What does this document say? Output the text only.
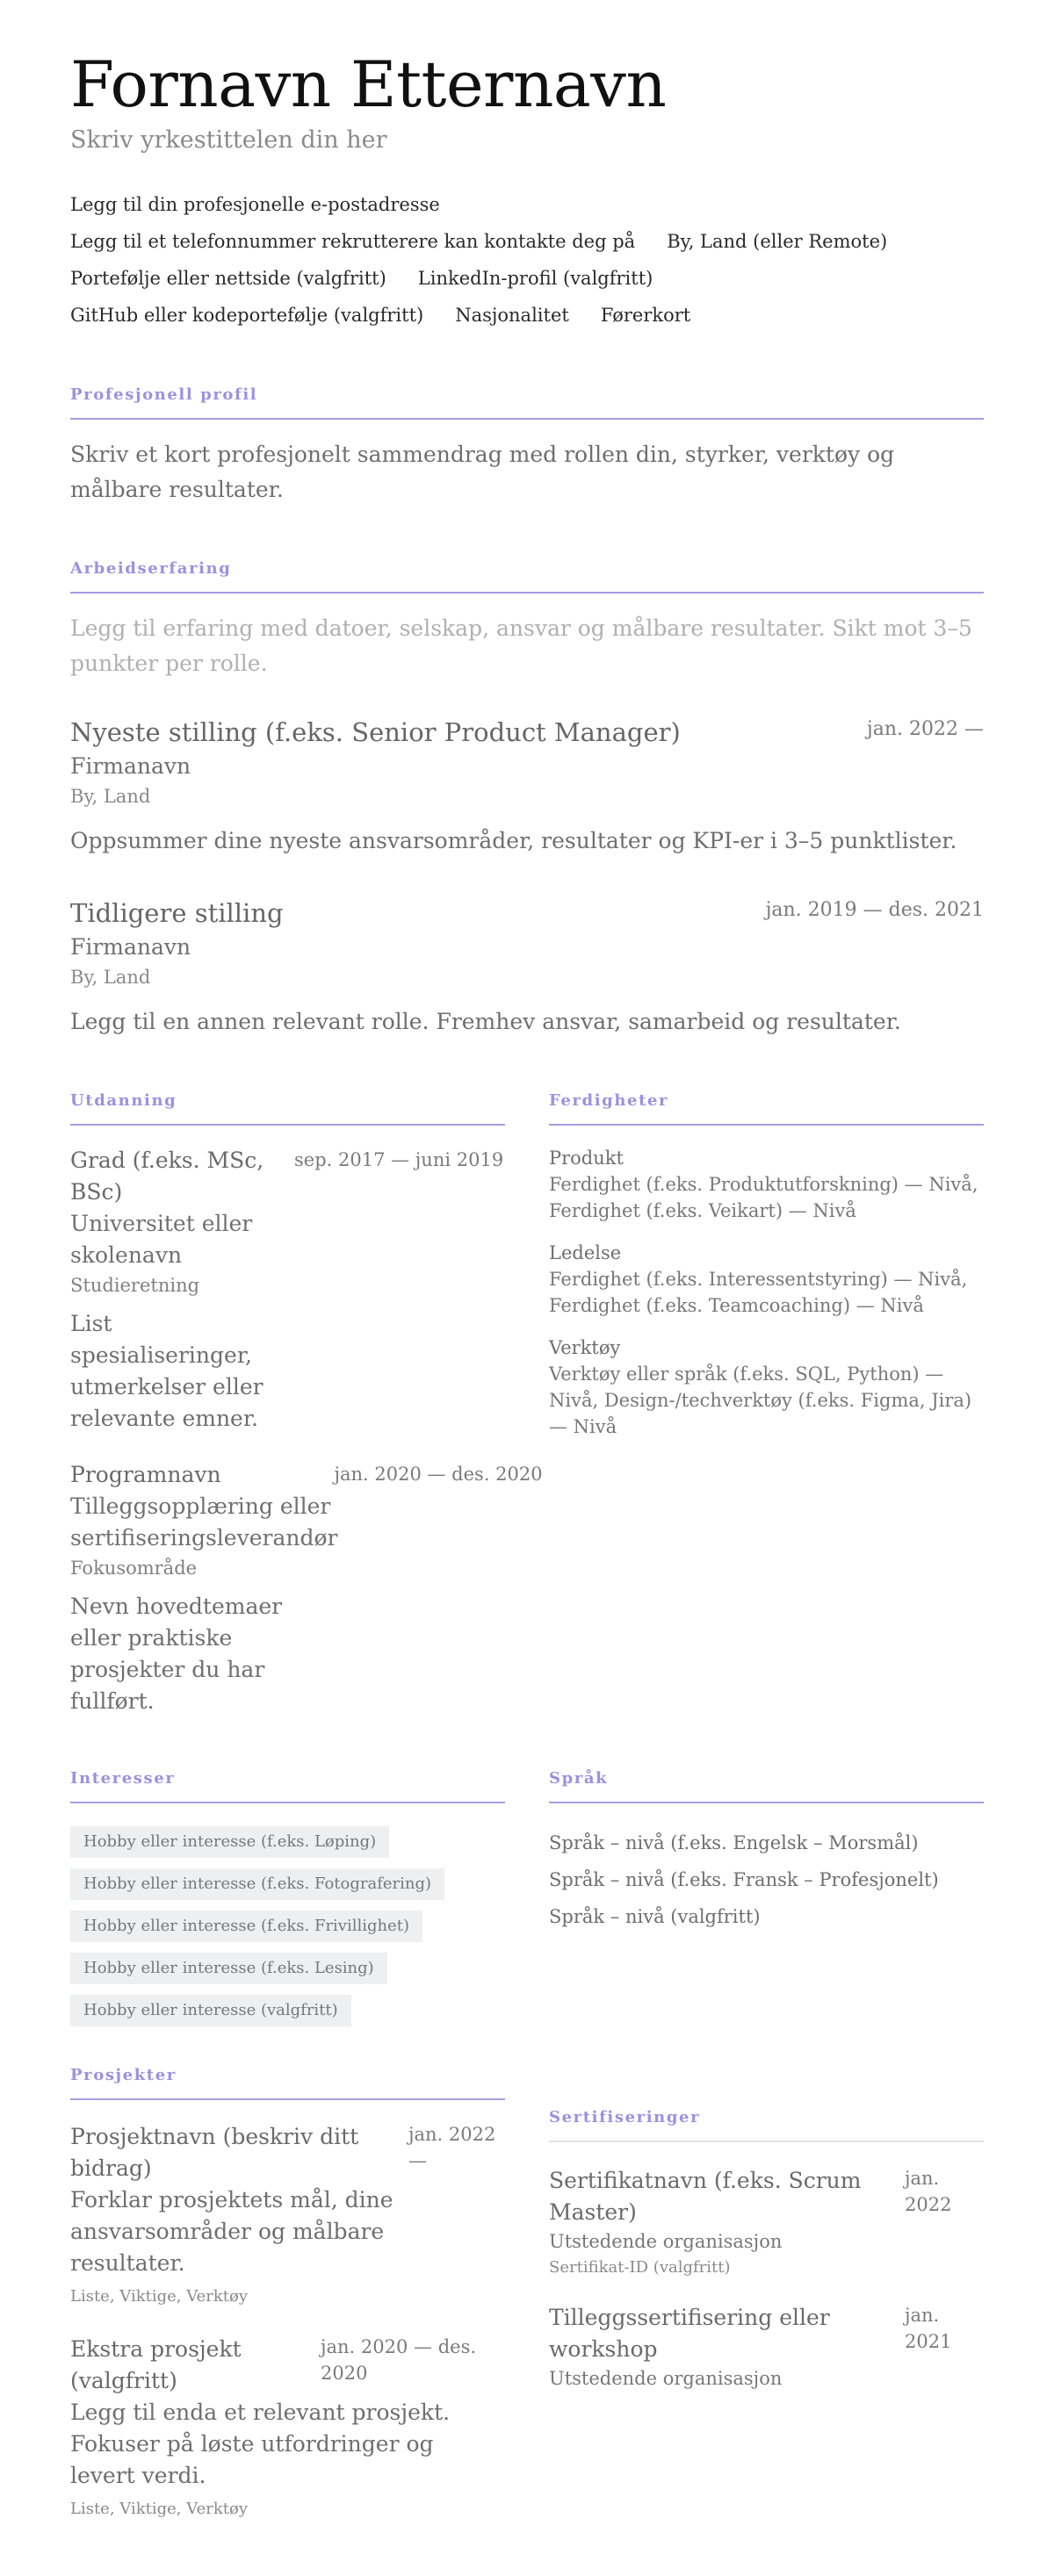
Fornavn Etternavn
Skriv yrkestittelen din her
Legg til din profesjonelle e-postadresse
Legg til et telefonnummer rekrutterere kan kontakte deg på By, Land (eller Remote)
Portefølje eller nettside (valgfritt) LinkedIn-profil (valgfritt)
GitHub eller kodeportefølje (valgfritt) Nasjonalitet Førerkort
Profesjonell profil

Skriv et kort profesjonelt sammendrag med rollen din, styrker, verktøy og målbare resultater.

Arbeidserfaring

Legg til erfaring med datoer, selskap, ansvar og målbare resultater. Sikt mot 3–5 punkter per rolle.

Nyeste stilling (f.eks. Senior Product Manager)	jan. 2022 —
Firmanavn
By, Land

Oppsummer dine nyeste ansvarsområder, resultater og KPI-er i 3–5 punktlister.

Tidligere stilling	jan. 2019 — des. 2021
Firmanavn
By, Land

Legg til en annen relevant rolle. Fremhev ansvar, samarbeid og resultater.

Utdanning
Grad (f.eks. MSc, BSc)
Universitet eller skolenavn
Studieretning

List spesialiseringer, utmerkelser eller relevante emner.

sep. 2017 — juni 2019
Programnavn
Tilleggsopplæring eller sertifiseringsleverandør
Fokusområde

Nevn hovedtemaer eller praktiske prosjekter du har fullført.

jan. 2020 — des. 2020
Ferdigheter
Produkt
Ferdighet (f.eks. Produktutforskning) — Nivå, Ferdighet (f.eks. Veikart) — Nivå
Ledelse
Ferdighet (f.eks. Interessentstyring) — Nivå, Ferdighet (f.eks. Teamcoaching) — Nivå
Verktøy
Verktøy eller språk (f.eks. SQL, Python) — Nivå, Design-/techverktøy (f.eks. Figma, Jira) — Nivå
Interesser
Hobby eller interesse (f.eks. Løping)
Hobby eller interesse (f.eks. Fotografering)
Hobby eller interesse (f.eks. Frivillighet)
Hobby eller interesse (f.eks. Lesing)
Hobby eller interesse (valgfritt)
Språk
Språk – nivå (f.eks. Engelsk – Morsmål)
Språk – nivå (f.eks. Fransk – Profesjonelt)
Språk – nivå (valgfritt)
Prosjekter
Prosjektnavn (beskriv ditt bidrag)
jan. 2022 —

Forklar prosjektets mål, dine ansvarsområder og målbare resultater.

Liste, Viktige, Verktøy
Ekstra prosjekt (valgfritt)
jan. 2020 — des. 2020

Legg til enda et relevant prosjekt. Fokuser på løste utfordringer og levert verdi.

Liste, Viktige, Verktøy
Sertifiseringer
Sertifikatnavn (f.eks. Scrum Master)
Utstedende organisasjon
Sertifikat-ID (valgfritt)
jan. 2022
Tilleggssertifisering eller workshop
Utstedende organisasjon
jan. 2021
